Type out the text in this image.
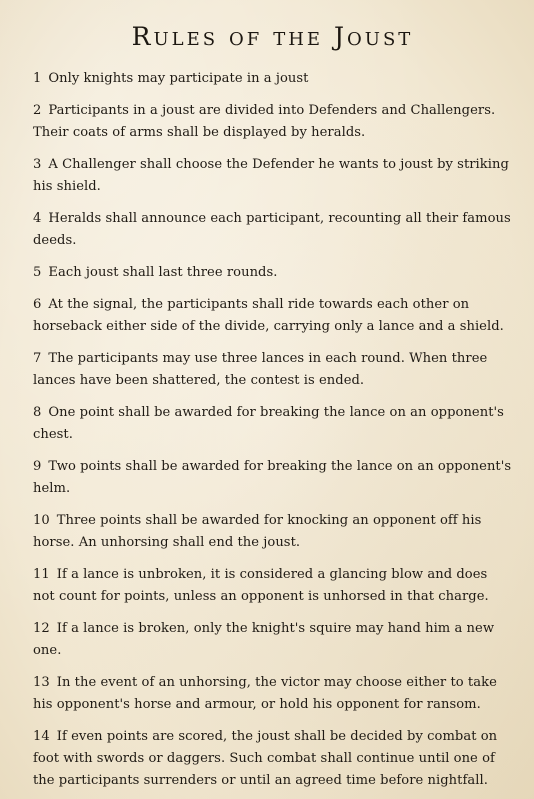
Rules of the Joust
1 Only knights may participate in a joust
2 Participants in a joust are divided into Defenders and Challengers. Their coats of arms shall be displayed by heralds.
3 A Challenger shall choose the Defender he wants to joust by striking his shield.
4 Heralds shall announce each participant, recounting all their famous deeds.
5 Each joust shall last three rounds.
6 At the signal, the participants shall ride towards each other on horseback either side of the divide, carrying only a lance and a shield.
7 The participants may use three lances in each round. When three lances have been shattered, the contest is ended.
8 One point shall be awarded for breaking the lance on an opponent's chest.
9 Two points shall be awarded for breaking the lance on an opponent's helm.
10 Three points shall be awarded for knocking an opponent off his horse. An unhorsing shall end the joust.
11 If a lance is unbroken, it is considered a glancing blow and does not count for points, unless an opponent is unhorsed in that charge.
12 If a lance is broken, only the knight's squire may hand him a new one.
13 In the event of an unhorsing, the victor may choose either to take his opponent's horse and armour, or hold his opponent for ransom.
14 If even points are scored, the joust shall be decided by combat on foot with swords or daggers. Such combat shall continue until one of the participants surrenders or until an agreed time before nightfall.
